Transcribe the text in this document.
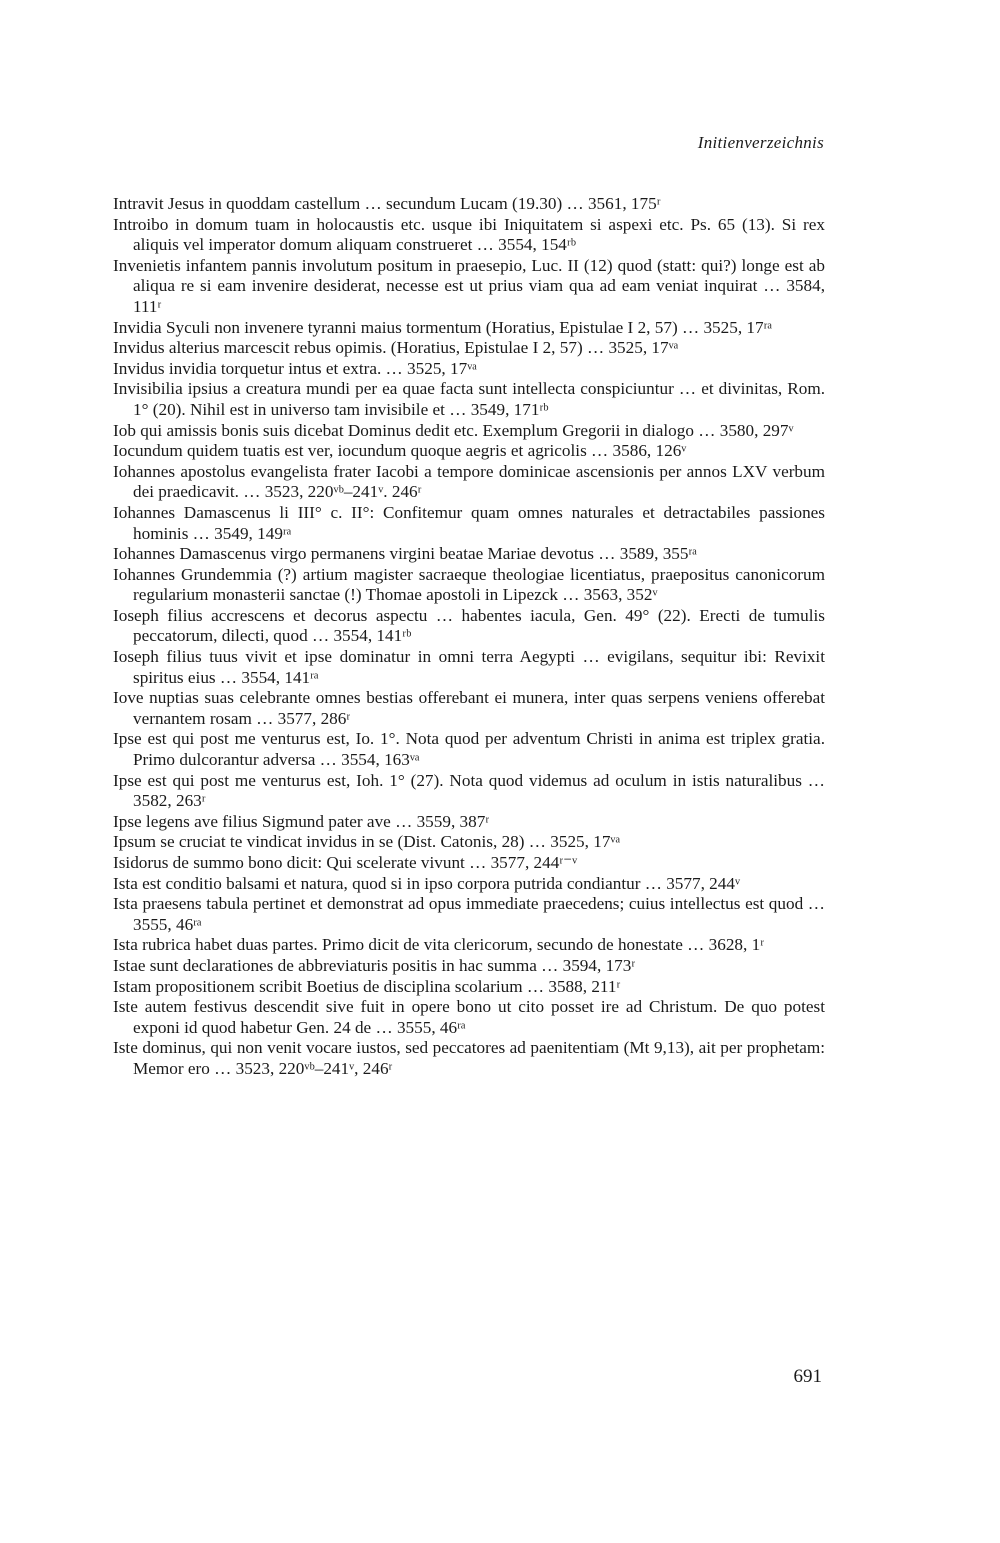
Initienverzeichnis
Intravit Jesus in quoddam castellum … secundum Lucam (19.30) … 3561, 175ʳ
Introibo in domum tuam in holocaustis etc. usque ibi Iniquitatem si aspexi etc. Ps. 65 (13). Si rex aliquis vel imperator domum aliquam construeret … 3554, 154ʳᵇ
Invenietis infantem pannis involutum positum in praesepio, Luc. II (12) quod (statt: qui?) longe est ab aliqua re si eam invenire desiderat, necesse est ut prius viam qua ad eam veniat inquirat … 3584, 111ʳ
Invidia Syculi non invenere tyranni maius tormentum (Horatius, Epistulae I 2, 57) … 3525, 17ʳᵃ
Invidus alterius marcescit rebus opimis. (Horatius, Epistulae I 2, 57) … 3525, 17ᵛᵃ
Invidus invidia torquetur intus et extra. … 3525, 17ᵛᵃ
Invisibilia ipsius a creatura mundi per ea quae facta sunt intellecta conspiciuntur … et divinitas, Rom. 1° (20). Nihil est in universo tam invisibile et … 3549, 171ʳᵇ
Iob qui amissis bonis suis dicebat Dominus dedit etc. Exemplum Gregorii in dialogo … 3580, 297ᵛ
Iocundum quidem tuatis est ver, iocundum quoque aegris et agricolis … 3586, 126ᵛ
Iohannes apostolus evangelista frater Iacobi a tempore dominicae ascensionis per annos LXV verbum dei praedicavit. … 3523, 220ᵛᵇ–241ᵛ. 246ʳ
Iohannes Damascenus li III° c. II°: Confitemur quam omnes naturales et detractabiles passiones hominis … 3549, 149ʳᵃ
Iohannes Damascenus virgo permanens virgini beatae Mariae devotus … 3589, 355ʳᵃ
Iohannes Grundemmia (?) artium magister sacraeque theologiae licentiatus, praepositus canonicorum regularium monasterii sanctae (!) Thomae apostoli in Lipezck … 3563, 352ᵛ
Ioseph filius accrescens et decorus aspectu … habentes iacula, Gen. 49° (22). Erecti de tumulis peccatorum, dilecti, quod … 3554, 141ʳᵇ
Ioseph filius tuus vivit et ipse dominatur in omni terra Aegypti … evigilans, sequitur ibi: Revixit spiritus eius … 3554, 141ʳᵃ
Iove nuptias suas celebrante omnes bestias offerebant ei munera, inter quas serpens veniens offerebat vernantem rosam … 3577, 286ʳ
Ipse est qui post me venturus est, Io. 1°. Nota quod per adventum Christi in anima est triplex gratia. Primo dulcorantur adversa … 3554, 163ᵛᵃ
Ipse est qui post me venturus est, Ioh. 1° (27). Nota quod videmus ad oculum in istis naturalibus … 3582, 263ʳ
Ipse legens ave filius Sigmund pater ave … 3559, 387ʳ
Ipsum se cruciat te vindicat invidus in se (Dist. Catonis, 28) … 3525, 17ᵛᵃ
Isidorus de summo bono dicit: Qui scelerate vivunt … 3577, 244ʳ⁻ᵛ
Ista est conditio balsami et natura, quod si in ipso corpora putrida condiantur … 3577, 244ᵛ
Ista praesens tabula pertinet et demonstrat ad opus immediate praecedens; cuius intellectus est quod … 3555, 46ʳᵃ
Ista rubrica habet duas partes. Primo dicit de vita clericorum, secundo de honestate … 3628, 1ʳ
Istae sunt declarationes de abbreviaturis positis in hac summa … 3594, 173ʳ
Istam propositionem scribit Boetius de disciplina scolarium … 3588, 211ʳ
Iste autem festivus descendit sive fuit in opere bono ut cito posset ire ad Christum. De quo potest exponi id quod habetur Gen. 24 de … 3555, 46ʳᵃ
Iste dominus, qui non venit vocare iustos, sed peccatores ad paenitentiam (Mt 9,13), ait per prophetam: Memor ero … 3523, 220ᵛᵇ–241ᵛ, 246ʳ
691
